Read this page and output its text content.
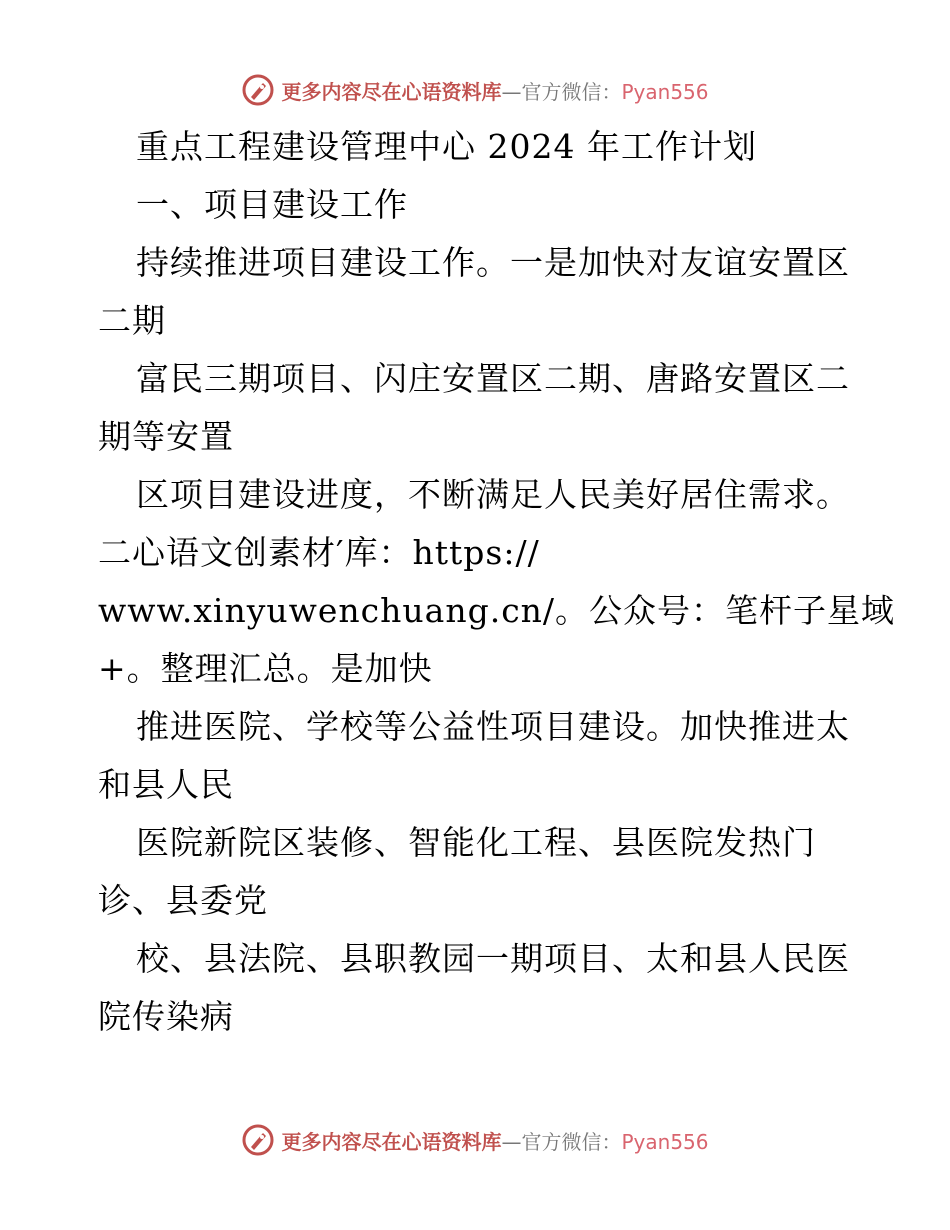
更多内容尽在心语资料库—官方微信：Pyan556
重点工程建设管理中心 2024 年工作计划
一、项目建设工作
持续推进项目建设工作。一是加快对友谊安置区
二期
富民三期项目、闪庄安置区二期、唐路安置区二
期等安置
区项目建设进度，不断满足人民美好居住需求。
二心语文创素材′库：https://
www.xinyuwenchuang.cn/。公众号：笔杆子星域
+。整理汇总。是加快
推进医院、学校等公益性项目建设。加快推进太
和县人民
医院新院区装修、智能化工程、县医院发热门
诊、县委党
校、县法院、县职教园一期项目、太和县人民医
院传染病
更多内容尽在心语资料库—官方微信：Pyan556
